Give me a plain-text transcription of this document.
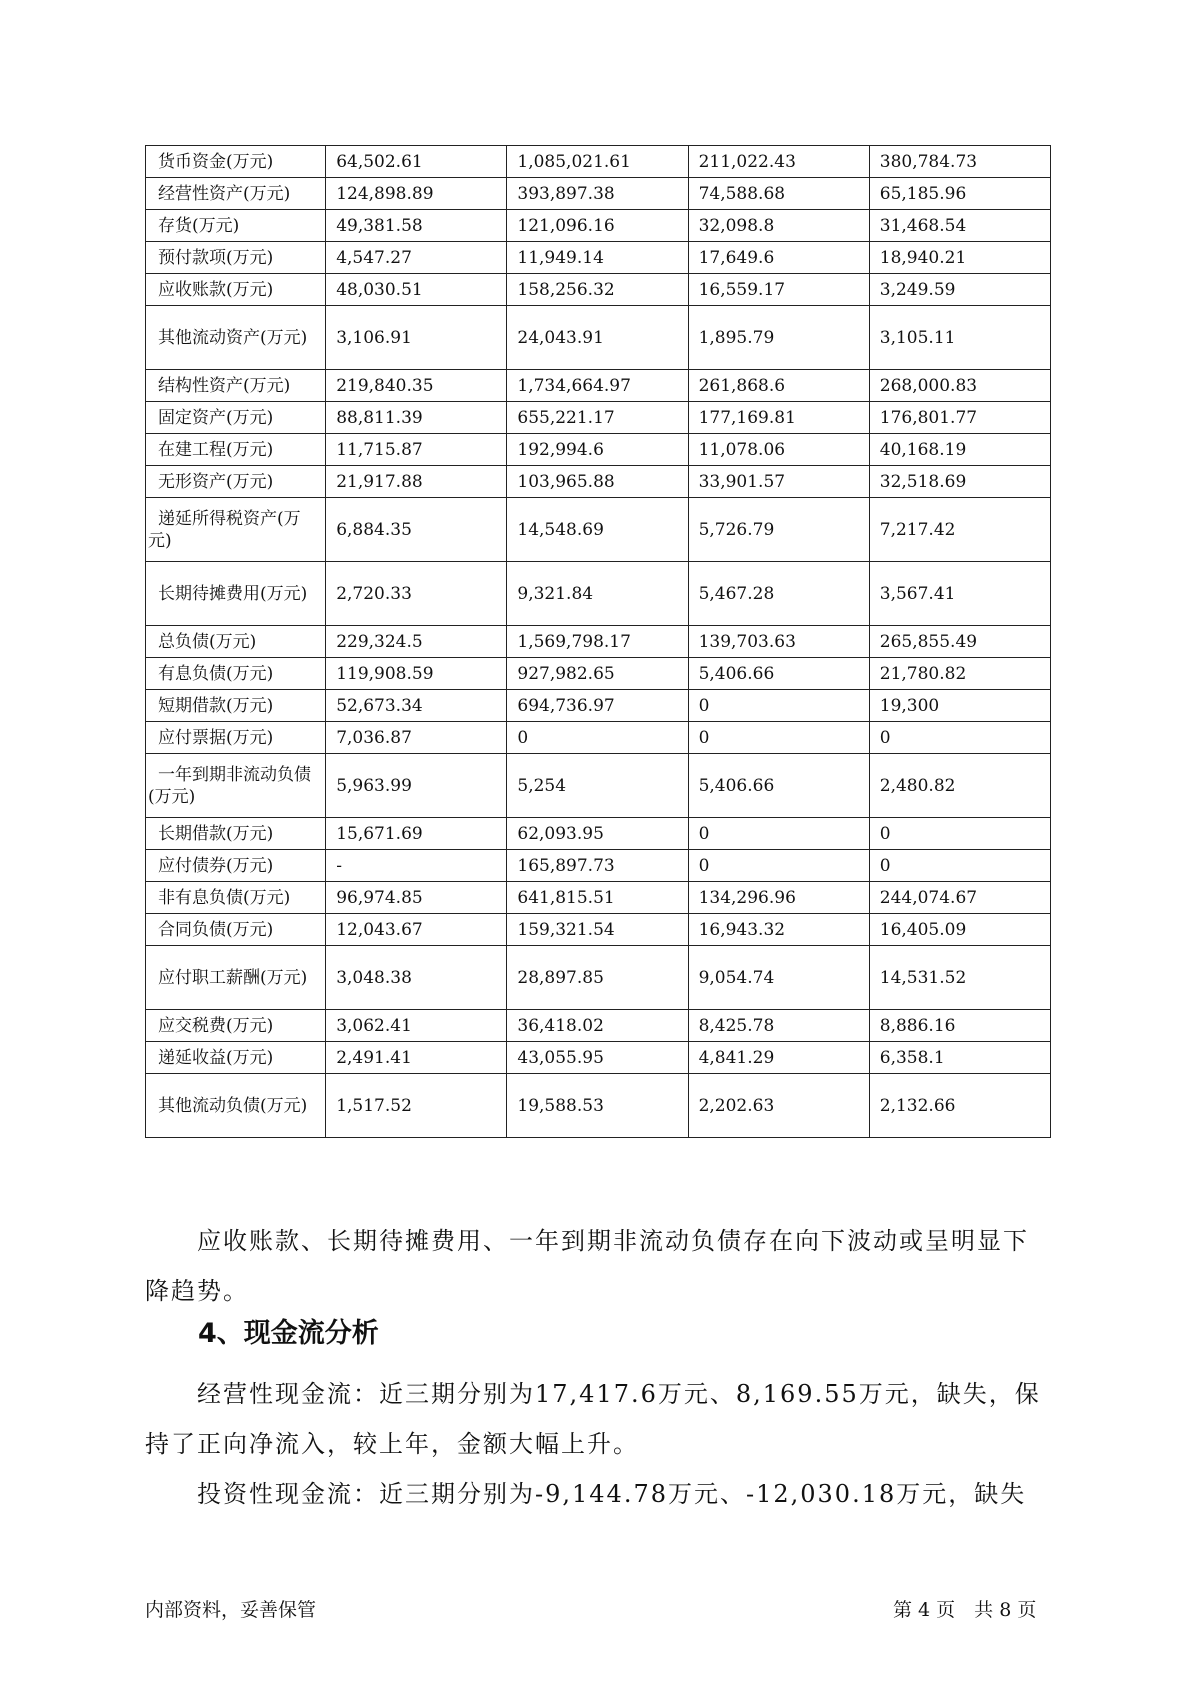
货币资金(万元)	64,502.61	1,085,021.61	211,022.43	380,784.73
经营性资产(万元)	124,898.89	393,897.38	74,588.68	65,185.96
存货(万元)	49,381.58	121,096.16	32,098.8	31,468.54
预付款项(万元)	4,547.27	11,949.14	17,649.6	18,940.21
应收账款(万元)	48,030.51	158,256.32	16,559.17	3,249.59
其他流动资产(万元)	3,106.91	24,043.91	1,895.79	3,105.11
结构性资产(万元)	219,840.35	1,734,664.97	261,868.6	268,000.83
固定资产(万元)	88,811.39	655,221.17	177,169.81	176,801.77
在建工程(万元)	11,715.87	192,994.6	11,078.06	40,168.19
无形资产(万元)	21,917.88	103,965.88	33,901.57	32,518.69
递延所得税资产(万元)	6,884.35	14,548.69	5,726.79	7,217.42
长期待摊费用(万元)	2,720.33	9,321.84	5,467.28	3,567.41
总负债(万元)	229,324.5	1,569,798.17	139,703.63	265,855.49
有息负债(万元)	119,908.59	927,982.65	5,406.66	21,780.82
短期借款(万元)	52,673.34	694,736.97	0	19,300
应付票据(万元)	7,036.87	0	0	0
一年到期非流动负债(万元)	5,963.99	5,254	5,406.66	2,480.82
长期借款(万元)	15,671.69	62,093.95	0	0
应付债券(万元)	-	165,897.73	0	0
非有息负债(万元)	96,974.85	641,815.51	134,296.96	244,074.67
合同负债(万元)	12,043.67	159,321.54	16,943.32	16,405.09
应付职工薪酬(万元)	3,048.38	28,897.85	9,054.74	14,531.52
应交税费(万元)	3,062.41	36,418.02	8,425.78	8,886.16
递延收益(万元)	2,491.41	43,055.95	4,841.29	6,358.1
其他流动负债(万元)	1,517.52	19,588.53	2,202.63	2,132.66

应收账款、长期待摊费用、一年到期非流动负债存在向下波动或呈明显下降趋势。

4、现金流分析

经营性现金流：近三期分别为17,417.6万元、8,169.55万元，缺失，保持了正向净流入，较上年，金额大幅上升。

投资性现金流：近三期分别为-9,144.78万元、-12,030.18万元，缺失

内部资料，妥善保管	第 4 页　共 8 页
